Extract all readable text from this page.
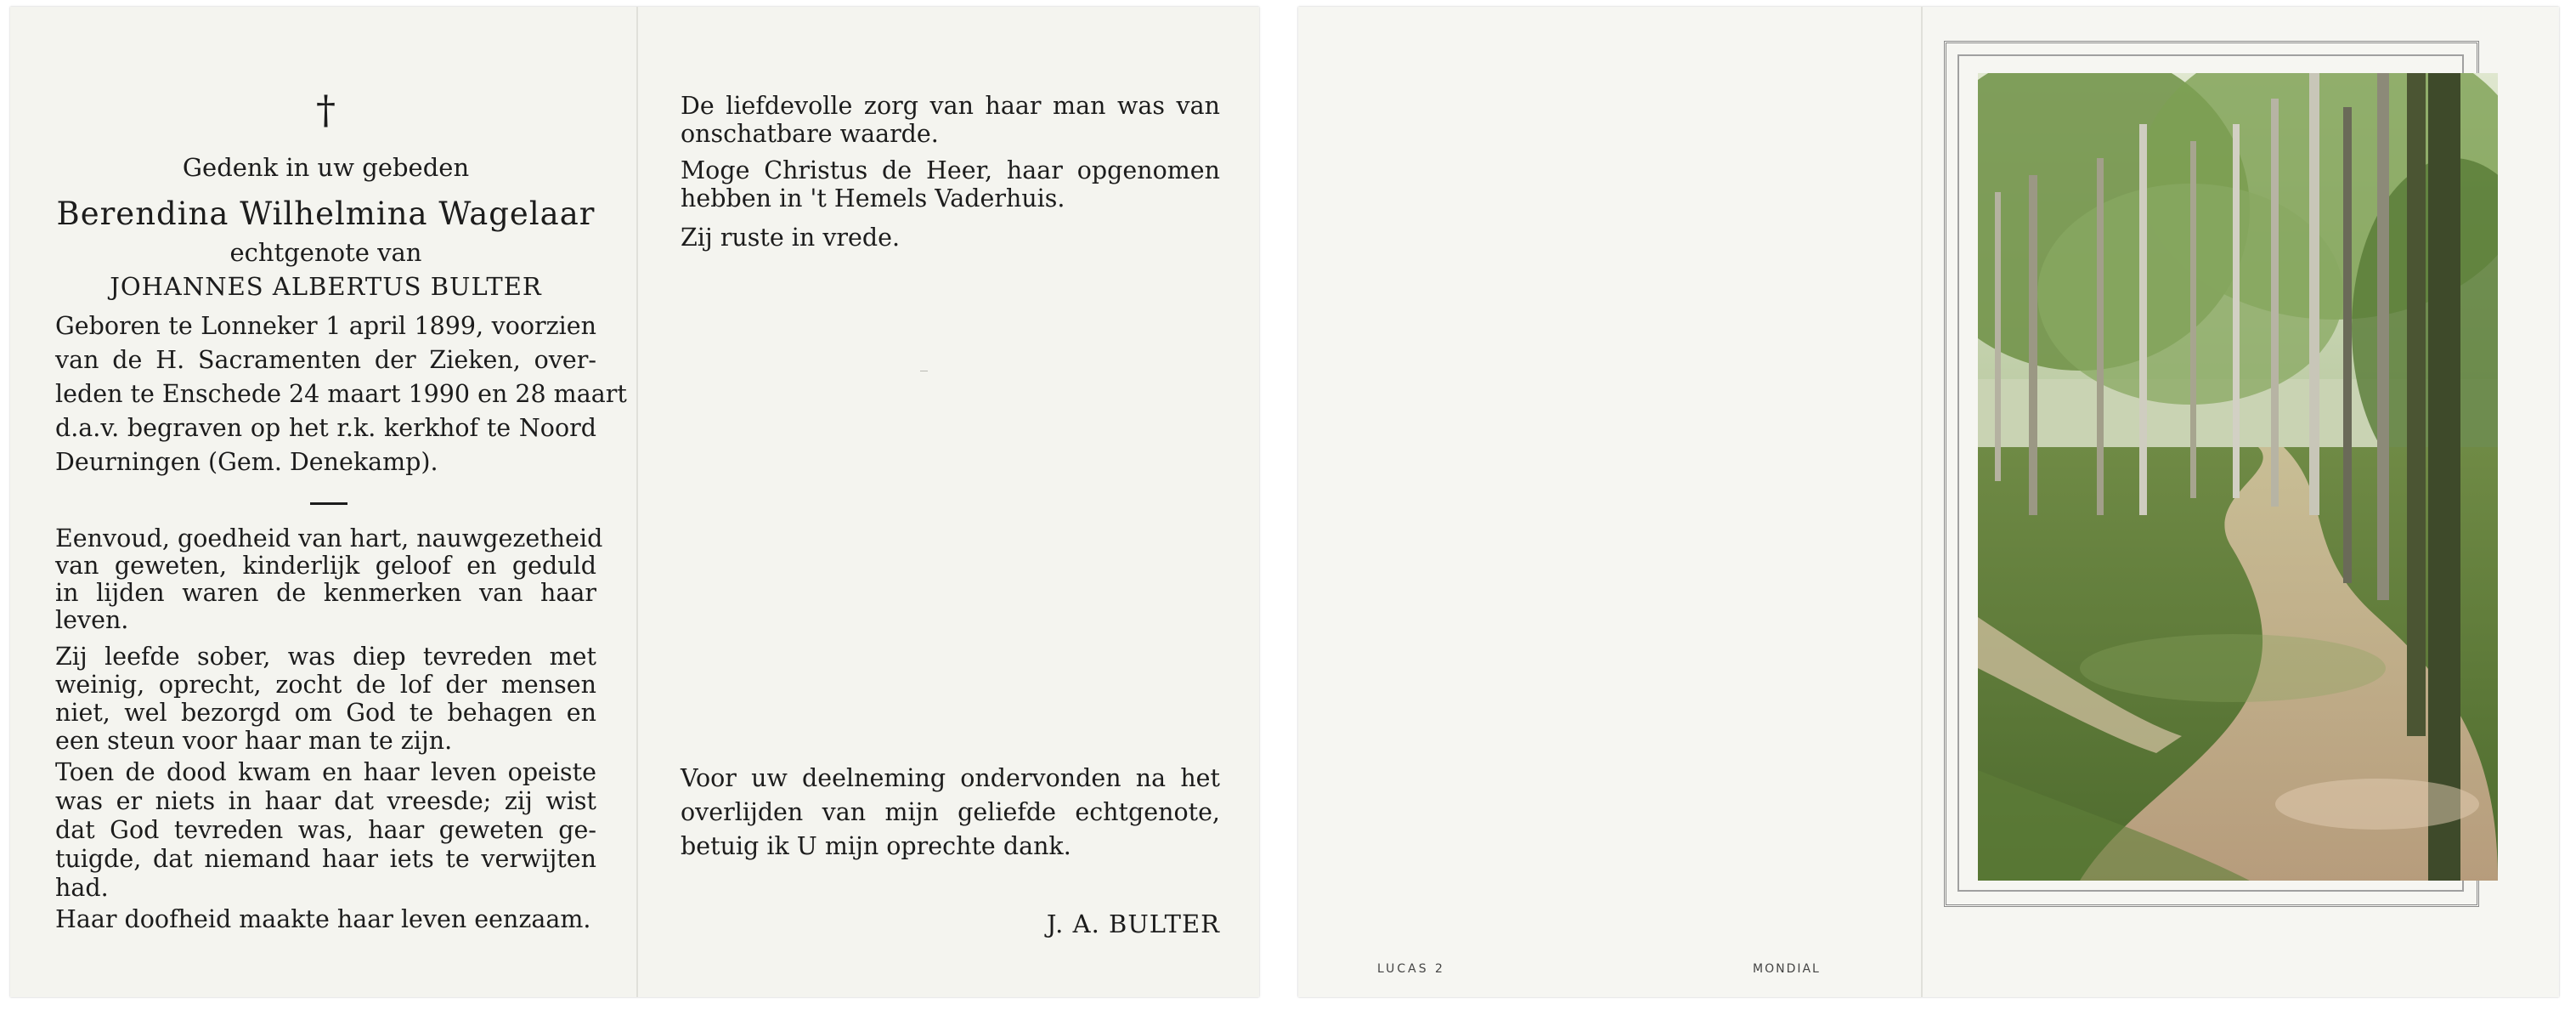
†
Gedenk in uw gebeden
Berendina Wilhelmina Wagelaar
echtgenote van
JOHANNES ALBERTUS BULTER
Geboren te Lonneker 1 april 1899, voorzien
van de H. Sacramenten der Zieken, over-
leden te Enschede 24 maart 1990 en 28 maart
d.a.v. begraven op het r.k. kerkhof te Noord
Deurningen (Gem. Denekamp).
Eenvoud, goedheid van hart, nauwgezetheid
van geweten, kinderlijk geloof en geduld
in lijden waren de kenmerken van haar
leven.
Zij leefde sober, was diep tevreden met
weinig, oprecht, zocht de lof der mensen
niet, wel bezorgd om God te behagen en
een steun voor haar man te zijn.
Toen de dood kwam en haar leven opeiste
was er niets in haar dat vreesde; zij wist
dat God tevreden was, haar geweten ge-
tuigde, dat niemand haar iets te verwijten
had.
Haar doofheid maakte haar leven eenzaam.
De liefdevolle zorg van haar man was van
onschatbare waarde.
Moge Christus de Heer, haar opgenomen
hebben in 't Hemels Vaderhuis.
Zij ruste in vrede.
Voor uw deelneming ondervonden na het
overlijden van mijn geliefde echtgenote,
betuig ik U mijn oprechte dank.
J. A. BULTER
LUCAS 2	MONDIAL
